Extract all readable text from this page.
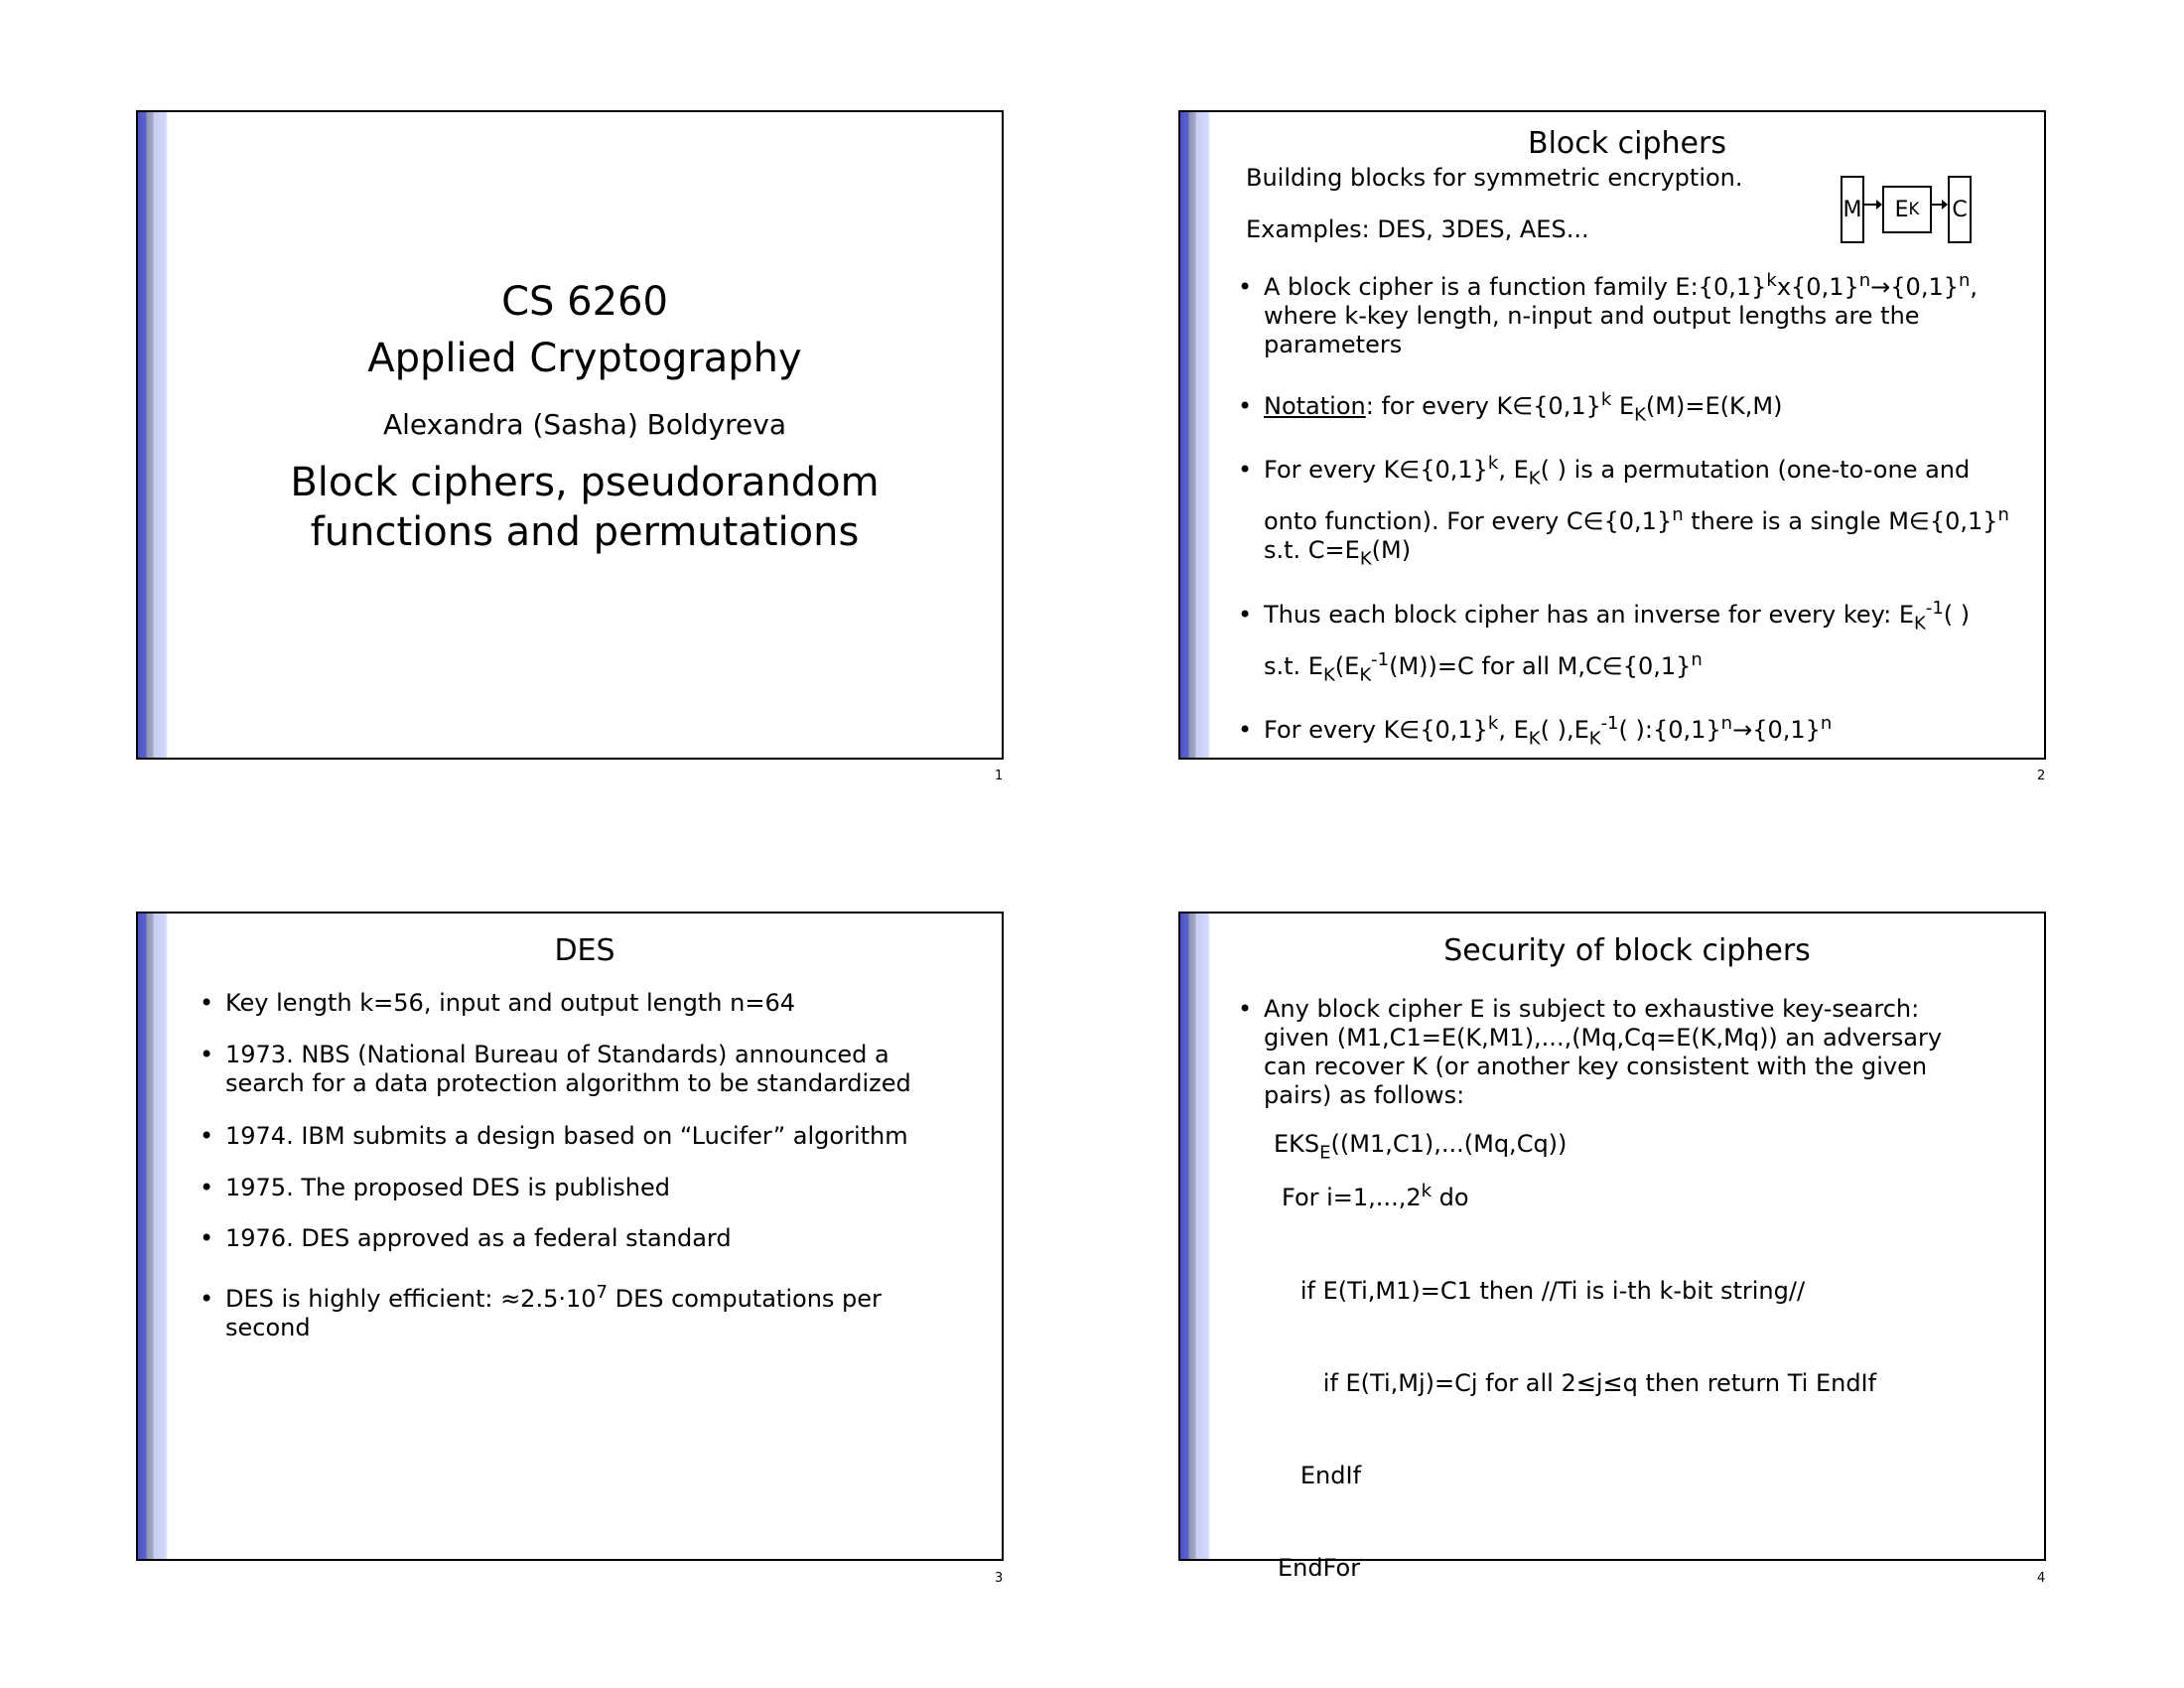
CS 6260
Applied Cryptography
Alexandra (Sasha) Boldyreva
Block ciphers, pseudorandom
functions and permutations
1
Block ciphers
Building blocks for symmetric encryption.
Examples: DES, 3DES, AES...
M E K C
• A block cipher is a function family $E:\{0,1\}^kx\{0,1\}^n\to\{0,1\}^n$,
where k-key length, n-input and output lengths are the
parameters
• Notation: for every $K\in\{0,1\}^k$ $E_K(M)=E(K,M)$
• For every $K\in\{0,1\}^k$, $E_K$( ) is a permutation (one-to-one and
onto function). For every $C\in\{0,1\}^n$ there is a single $M\in\{0,1\}^n$
s.t. $C=E_K(M)$
• Thus each block cipher has an inverse for every key: $E_K^{-1}$( )
s.t. $E_K(E_K^{-1}(M))=C$ for all $M,C\in\{0,1\}^n$
• For every $K\in\{0,1\}^k$, $E_K$( )$,E_K^{-1}$( )$:\{0,1\}^n\to\{0,1\}^n$
2
DES
• Key length k=56, input and output length n=64
• 1973. NBS (National Bureau of Standards) announced a
search for a data protection algorithm to be standardized
• 1974. IBM submits a design based on “Lucifer” algorithm
• 1975. The proposed DES is published
• 1976. DES approved as a federal standard
• DES is highly efficient: $\approx 2.5\cdot 10^7$ DES computations per
second
3
Security of block ciphers
• Any block cipher E is subject to exhaustive key-search:
given (M1,C1=E(K,M1),...,(Mq,Cq=E(K,Mq)) an adversary
can recover K (or another key consistent with the given
pairs) as follows:
$EKS_E((M1,C1),...(Mq,Cq))$
For $i=1,...,2^k$ do

if E(Ti,M1)=C1 then //Ti is i-th k-bit string//

if E(Ti,Mj)=Cj for all 2≤j≤q then return Ti EndIf

EndIf

EndFor

	4
